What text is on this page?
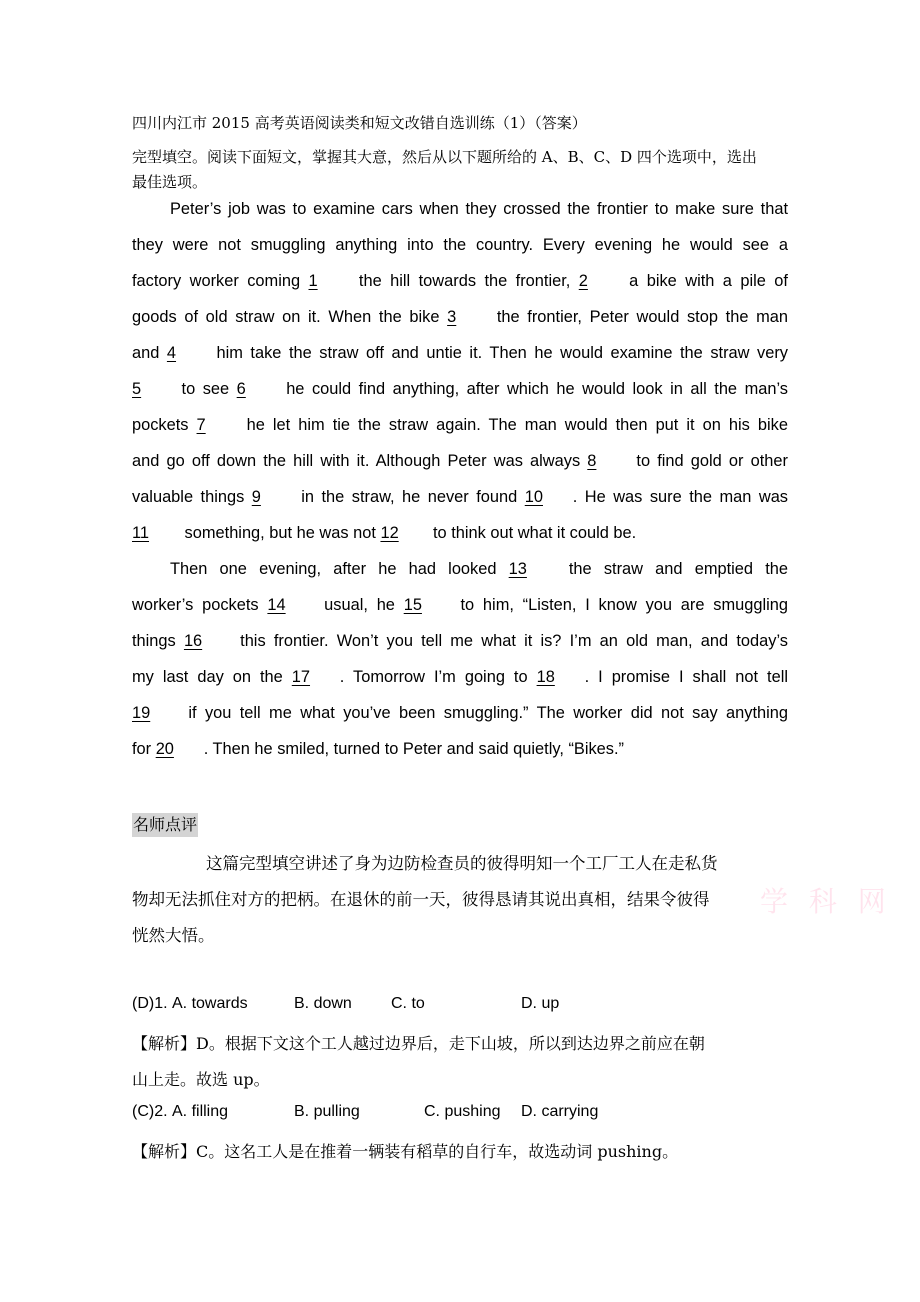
四川内江市 2015 高考英语阅读类和短文改错自选训练（1）（答案）
完型填空。阅读下面短文，掌握其大意，然后从以下题所给的 A、B、C、D 四个选项中，选出
最佳选项。
Peter’s job was to examine cars when they crossed the frontier to make sure that
they were not smuggling anything into the country. Every evening he would see a
factory worker coming 1 the hill towards the frontier, 2 a bike with a pile of
goods of old straw on it. When the bike 3 the frontier, Peter would stop the man
and 4 him take the straw off and untie it. Then he would examine the straw very
5 to see 6 he could find anything, after which he would look in all the man’s
pockets 7 he let him tie the straw again. The man would then put it on his bike
and go off down the hill with it. Although Peter was always 8 to find gold or other
valuable things 9 in the straw, he never found 10 . He was sure the man was
11 something, but he was not 12 to think out what it could be.
Then one evening, after he had looked 13 the straw and emptied the
worker’s pockets 14 usual, he 15 to him, “Listen, I know you are smuggling
things 16 this frontier. Won’t you tell me what it is? I’m an old man, and today’s
my last day on the 17 . Tomorrow I’m going to 18 . I promise I shall not tell
19 if you tell me what you’ve been smuggling.” The worker did not say anything
for 20 . Then he smiled, turned to Peter and said quietly, “Bikes.”
名师点评
这篇完型填空讲述了身为边防检查员的彼得明知一个工厂工人在走私货
物却无法抓住对方的把柄。在退休的前一天，彼得恳请其说出真相，结果令彼得
恍然大悟。
学 科 网
(D)1. A. towards	B. down C. to	D. up
【解析】D。根据下文这个工人越过边界后，走下山坡，所以到达边界之前应在朝
山上走。故选 up。
(C)2. A. filling	B. pulling	C. pushing D. carrying
【解析】C。这名工人是在推着一辆装有稻草的自行车，故选动词 pushing。
